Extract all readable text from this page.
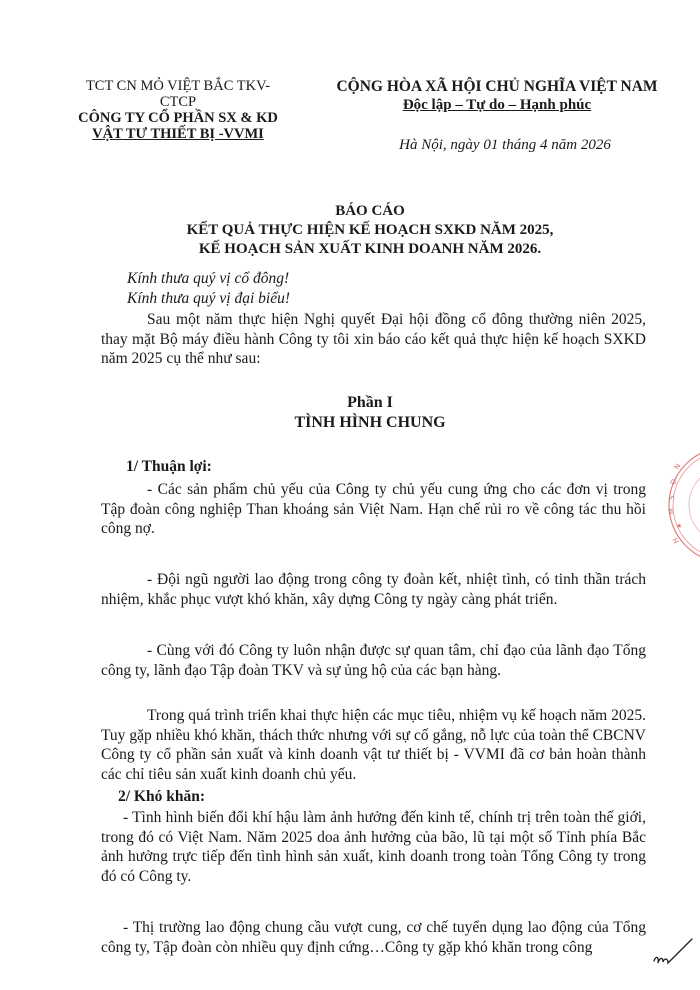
TCT CN MỎ VIỆT BẮC TKV-CTCP
CÔNG TY CỔ PHẦN SX & KD
VẬT TƯ THIẾT BỊ -VVMI
CỘNG HÒA XÃ HỘI CHỦ NGHĨA VIỆT NAM
Độc lập – Tự do – Hạnh phúc
Hà Nội, ngày 01 tháng 4 năm 2026
BÁO CÁO
KẾT QUẢ THỰC HIỆN KẾ HOẠCH SXKD NĂM 2025,
KẾ HOẠCH SẢN XUẤT KINH DOANH NĂM 2026.
Kính thưa quý vị cổ đông!
Kính thưa quý vị đại biểu!
Sau một năm thực hiện Nghị quyết Đại hội đồng cổ đông thường niên 2025, thay mặt Bộ máy điều hành Công ty tôi xin báo cáo kết quả thực hiện kế hoạch SXKD năm 2025 cụ thể như sau:
Phần I
TÌNH HÌNH CHUNG
1/ Thuận lợi:
- Các sản phẩm chủ yếu của Công ty chủ yếu cung ứng cho các đơn vị trong Tập đoàn công nghiệp Than khoáng sản Việt Nam. Hạn chế rủi ro về công tác thu hồi công nợ.
- Đội ngũ người lao động trong công ty đoàn kết, nhiệt tình, có tinh thần trách nhiệm, khắc phục vượt khó khăn, xây dựng Công ty ngày càng phát triển.
- Cùng với đó Công ty luôn nhận được sự quan tâm, chỉ đạo của lãnh đạo Tổng công ty, lãnh đạo Tập đoàn TKV và sự ủng hộ của các bạn hàng.
Trong quá trình triển khai thực hiện các mục tiêu, nhiệm vụ kế hoạch năm 2025. Tuy gặp nhiều khó khăn, thách thức nhưng với sự cố gắng, nỗ lực của toàn thể CBCNV Công ty cổ phần sản xuất và kinh doanh vật tư thiết bị - VVMI đã cơ bản hoàn thành các chỉ tiêu sản xuất kinh doanh chủ yếu.
2/ Khó khăn:
- Tình hình biến đổi khí hậu làm ảnh hưởng đến kinh tế, chính trị trên toàn thế giới, trong đó có Việt Nam. Năm 2025 doa ảnh hưởng của bão, lũ tại một số Tỉnh phía Bắc ảnh hưởng trực tiếp đến tình hình sản xuất, kinh doanh trong toàn Tổng Công ty trong đó có Công ty.
- Thị trường lao động chung cầu vượt cung, cơ chế tuyển dụng lao động của Tổng công ty, Tập đoàn còn nhiều quy định cứng…Công ty gặp khó khăn trong công
N
D.
S.
M.
★
H
